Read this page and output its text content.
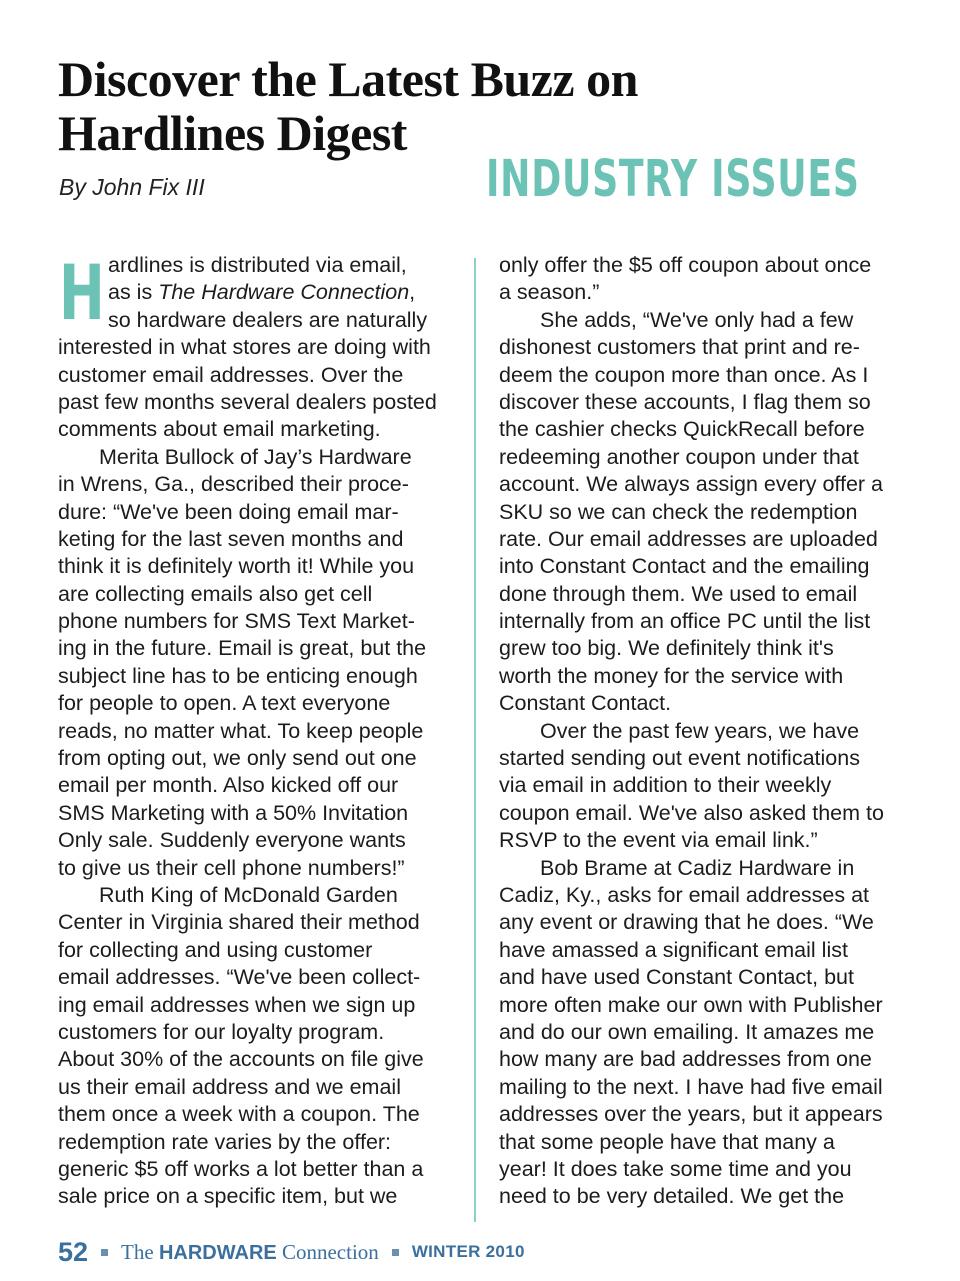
Discover the Latest Buzz on
Hardlines Digest
By John Fix III	INDUSTRY ISSUES
H ardlines is distributed via email,
as is The Hardware Connection,
so hardware dealers are naturally
interested in what stores are doing with
customer email addresses. Over the
past few months several dealers posted
comments about email marketing.
Merita Bullock of Jay’s Hardware
in Wrens, Ga., described their proce-
dure: “We've been doing email mar-
keting for the last seven months and
think it is definitely worth it! While you
are collecting emails also get cell
phone numbers for SMS Text Market-
ing in the future. Email is great, but the
subject line has to be enticing enough
for people to open. A text everyone
reads, no matter what. To keep people
from opting out, we only send out one
email per month. Also kicked off our
SMS Marketing with a 50% Invitation
Only sale. Suddenly everyone wants
to give us their cell phone numbers!”
Ruth King of McDonald Garden
Center in Virginia shared their method
for collecting and using customer
email addresses. “We've been collect-
ing email addresses when we sign up
customers for our loyalty program.
About 30% of the accounts on file give
us their email address and we email
them once a week with a coupon. The
redemption rate varies by the offer:
generic $5 off works a lot better than a
sale price on a specific item, but we
only offer the $5 off coupon about once
a season.”
She adds, “We've only had a few
dishonest customers that print and re-
deem the coupon more than once. As I
discover these accounts, I flag them so
the cashier checks QuickRecall before
redeeming another coupon under that
account. We always assign every offer a
SKU so we can check the redemption
rate. Our email addresses are uploaded
into Constant Contact and the emailing
done through them. We used to email
internally from an office PC until the list
grew too big. We definitely think it's
worth the money for the service with
Constant Contact.
Over the past few years, we have
started sending out event notifications
via email in addition to their weekly
coupon email. We've also asked them to
RSVP to the event via email link.”
Bob Brame at Cadiz Hardware in
Cadiz, Ky., asks for email addresses at
any event or drawing that he does. “We
have amassed a significant email list
and have used Constant Contact, but
more often make our own with Publisher
and do our own emailing. It amazes me
how many are bad addresses from one
mailing to the next. I have had five email
addresses over the years, but it appears
that some people have that many a
year! It does take some time and you
need to be very detailed. We get the
52 The HARDWARE Connection WINTER 2010
